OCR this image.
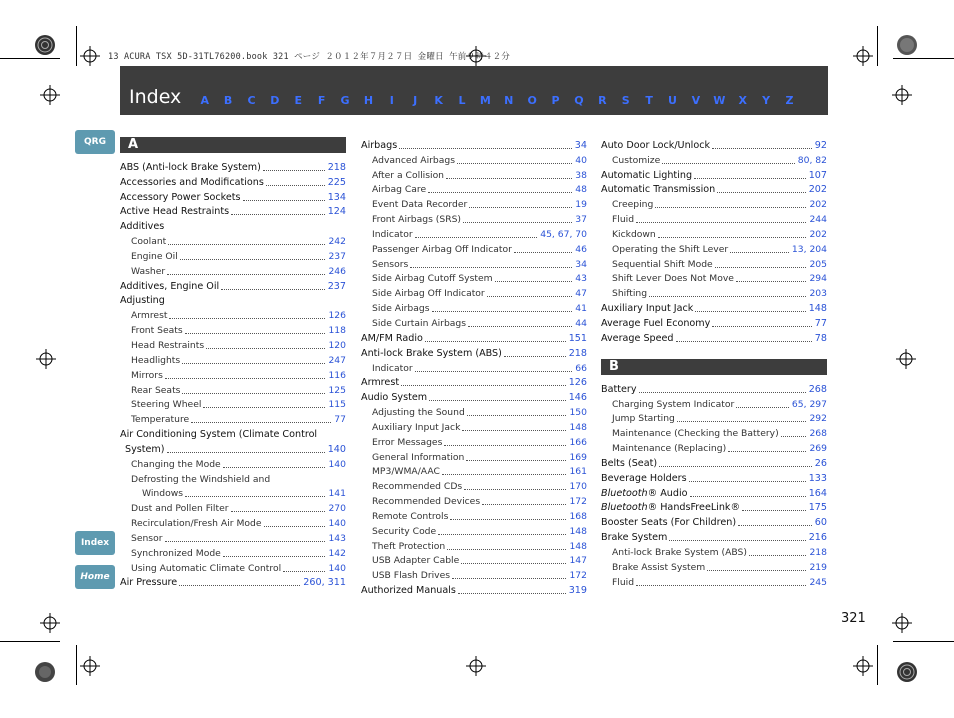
13 ACURA TSX 5D-31TL76200.book 321 ページ ２０１２年７月２７日 金曜日 午前９時４２分
Index	A	B	C	D	E	F	G	H	I	J	K	L	M	N	O	P	Q	R	S	T	U	V	W	X	Y	Z
QRG
Index
Home
A
ABS (Anti-lock Brake System)	218
Accessories and Modifications	225
Accessory Power Sockets	134
Active Head Restraints	124
Additives
Coolant	242
Engine Oil	237
Washer	246
Additives, Engine Oil	237
Adjusting
Armrest	126
Front Seats	118
Head Restraints	120
Headlights	247
Mirrors	116
Rear Seats	125
Steering Wheel	115
Temperature	77
Air Conditioning System (Climate Control
System)	140
Changing the Mode	140
Defrosting the Windshield and
Windows	141
Dust and Pollen Filter	270
Recirculation/Fresh Air Mode	140
Sensor	143
Synchronized Mode	142
Using Automatic Climate Control	140
Air Pressure	260, 311
Airbags	34
Advanced Airbags	40
After a Collision	38
Airbag Care	48
Event Data Recorder	19
Front Airbags (SRS)	37
Indicator	45, 67, 70
Passenger Airbag Off Indicator	46
Sensors	34
Side Airbag Cutoff System	43
Side Airbag Off Indicator	47
Side Airbags	41
Side Curtain Airbags	44
AM/FM Radio	151
Anti-lock Brake System (ABS)	218
Indicator	66
Armrest	126
Audio System	146
Adjusting the Sound	150
Auxiliary Input Jack	148
Error Messages	166
General Information	169
MP3/WMA/AAC	161
Recommended CDs	170
Recommended Devices	172
Remote Controls	168
Security Code	148
Theft Protection	148
USB Adapter Cable	147
USB Flash Drives	172
Authorized Manuals	319
Auto Door Lock/Unlock	92
Customize	80, 82
Automatic Lighting	107
Automatic Transmission	202
Creeping	202
Fluid	244
Kickdown	202
Operating the Shift Lever	13, 204
Sequential Shift Mode	205
Shift Lever Does Not Move	294
Shifting	203
Auxiliary Input Jack	148
Average Fuel Economy	77
Average Speed	78
B
Battery	268
Charging System Indicator	65, 297
Jump Starting	292
Maintenance (Checking the Battery)	268
Maintenance (Replacing)	269
Belts (Seat)	26
Beverage Holders	133
Bluetooth® Audio	164
Bluetooth® HandsFreeLink®	175
Booster Seats (For Children)	60
Brake System	216
Anti-lock Brake System (ABS)	218
Brake Assist System	219
Fluid	245
321
